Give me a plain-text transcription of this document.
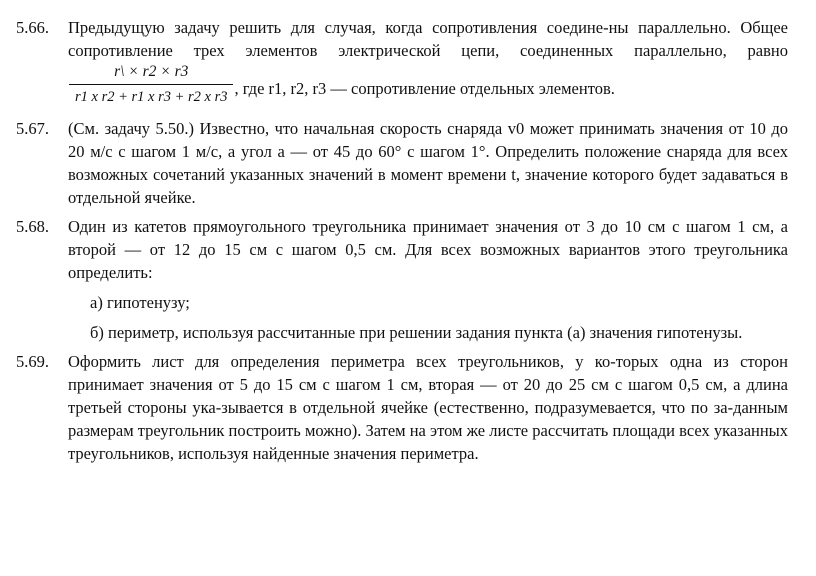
5.66.	Предыдущую задачу решить для случая, когда сопротивления соедине-ны параллельно. Общее сопротивление трех элементов электрической цепи, соединенных параллельно, равно
$\frac{r\backslash \times r2 \times r3}{\text{r1 x r2 + r1 x r3 + r2 x r3}}$ , где r1, r2, r3 — сопротивление отдельных элементов.

5.67.	(См. задачу 5.50.) Известно, что начальная скорость снаряда v0 может принимать значения от 10 до 20 м/с с шагом 1 м/с, а угол a — от 45 до 60° с шагом 1°. Определить положение снаряда для всех возможных сочетаний указанных значений в момент времени t, значение которого будет задаваться в отдельной ячейке.

5.68.	Один из катетов прямоугольного треугольника принимает значения от 3 до 10 см с шагом 1 см, а второй — от 12 до 15 см с шагом 0,5 см. Для всех возможных вариантов этого треугольника определить:

а) гипотенузу;

б) периметр, используя рассчитанные при решении задания пункта (а) значения гипотенузы.

5.69.	Оформить лист для определения периметра всех треугольников, у ко-торых одна из сторон принимает значения от 5 до 15 см с шагом 1 см, вторая — от 20 до 25 см с шагом 0,5 см, а длина третьей стороны ука-зывается в отдельной ячейке (естественно, подразумевается, что по за-данным размерам треугольник построить можно). Затем на этом же листе рассчитать площади всех указанных треугольников, используя найденные значения периметра.
